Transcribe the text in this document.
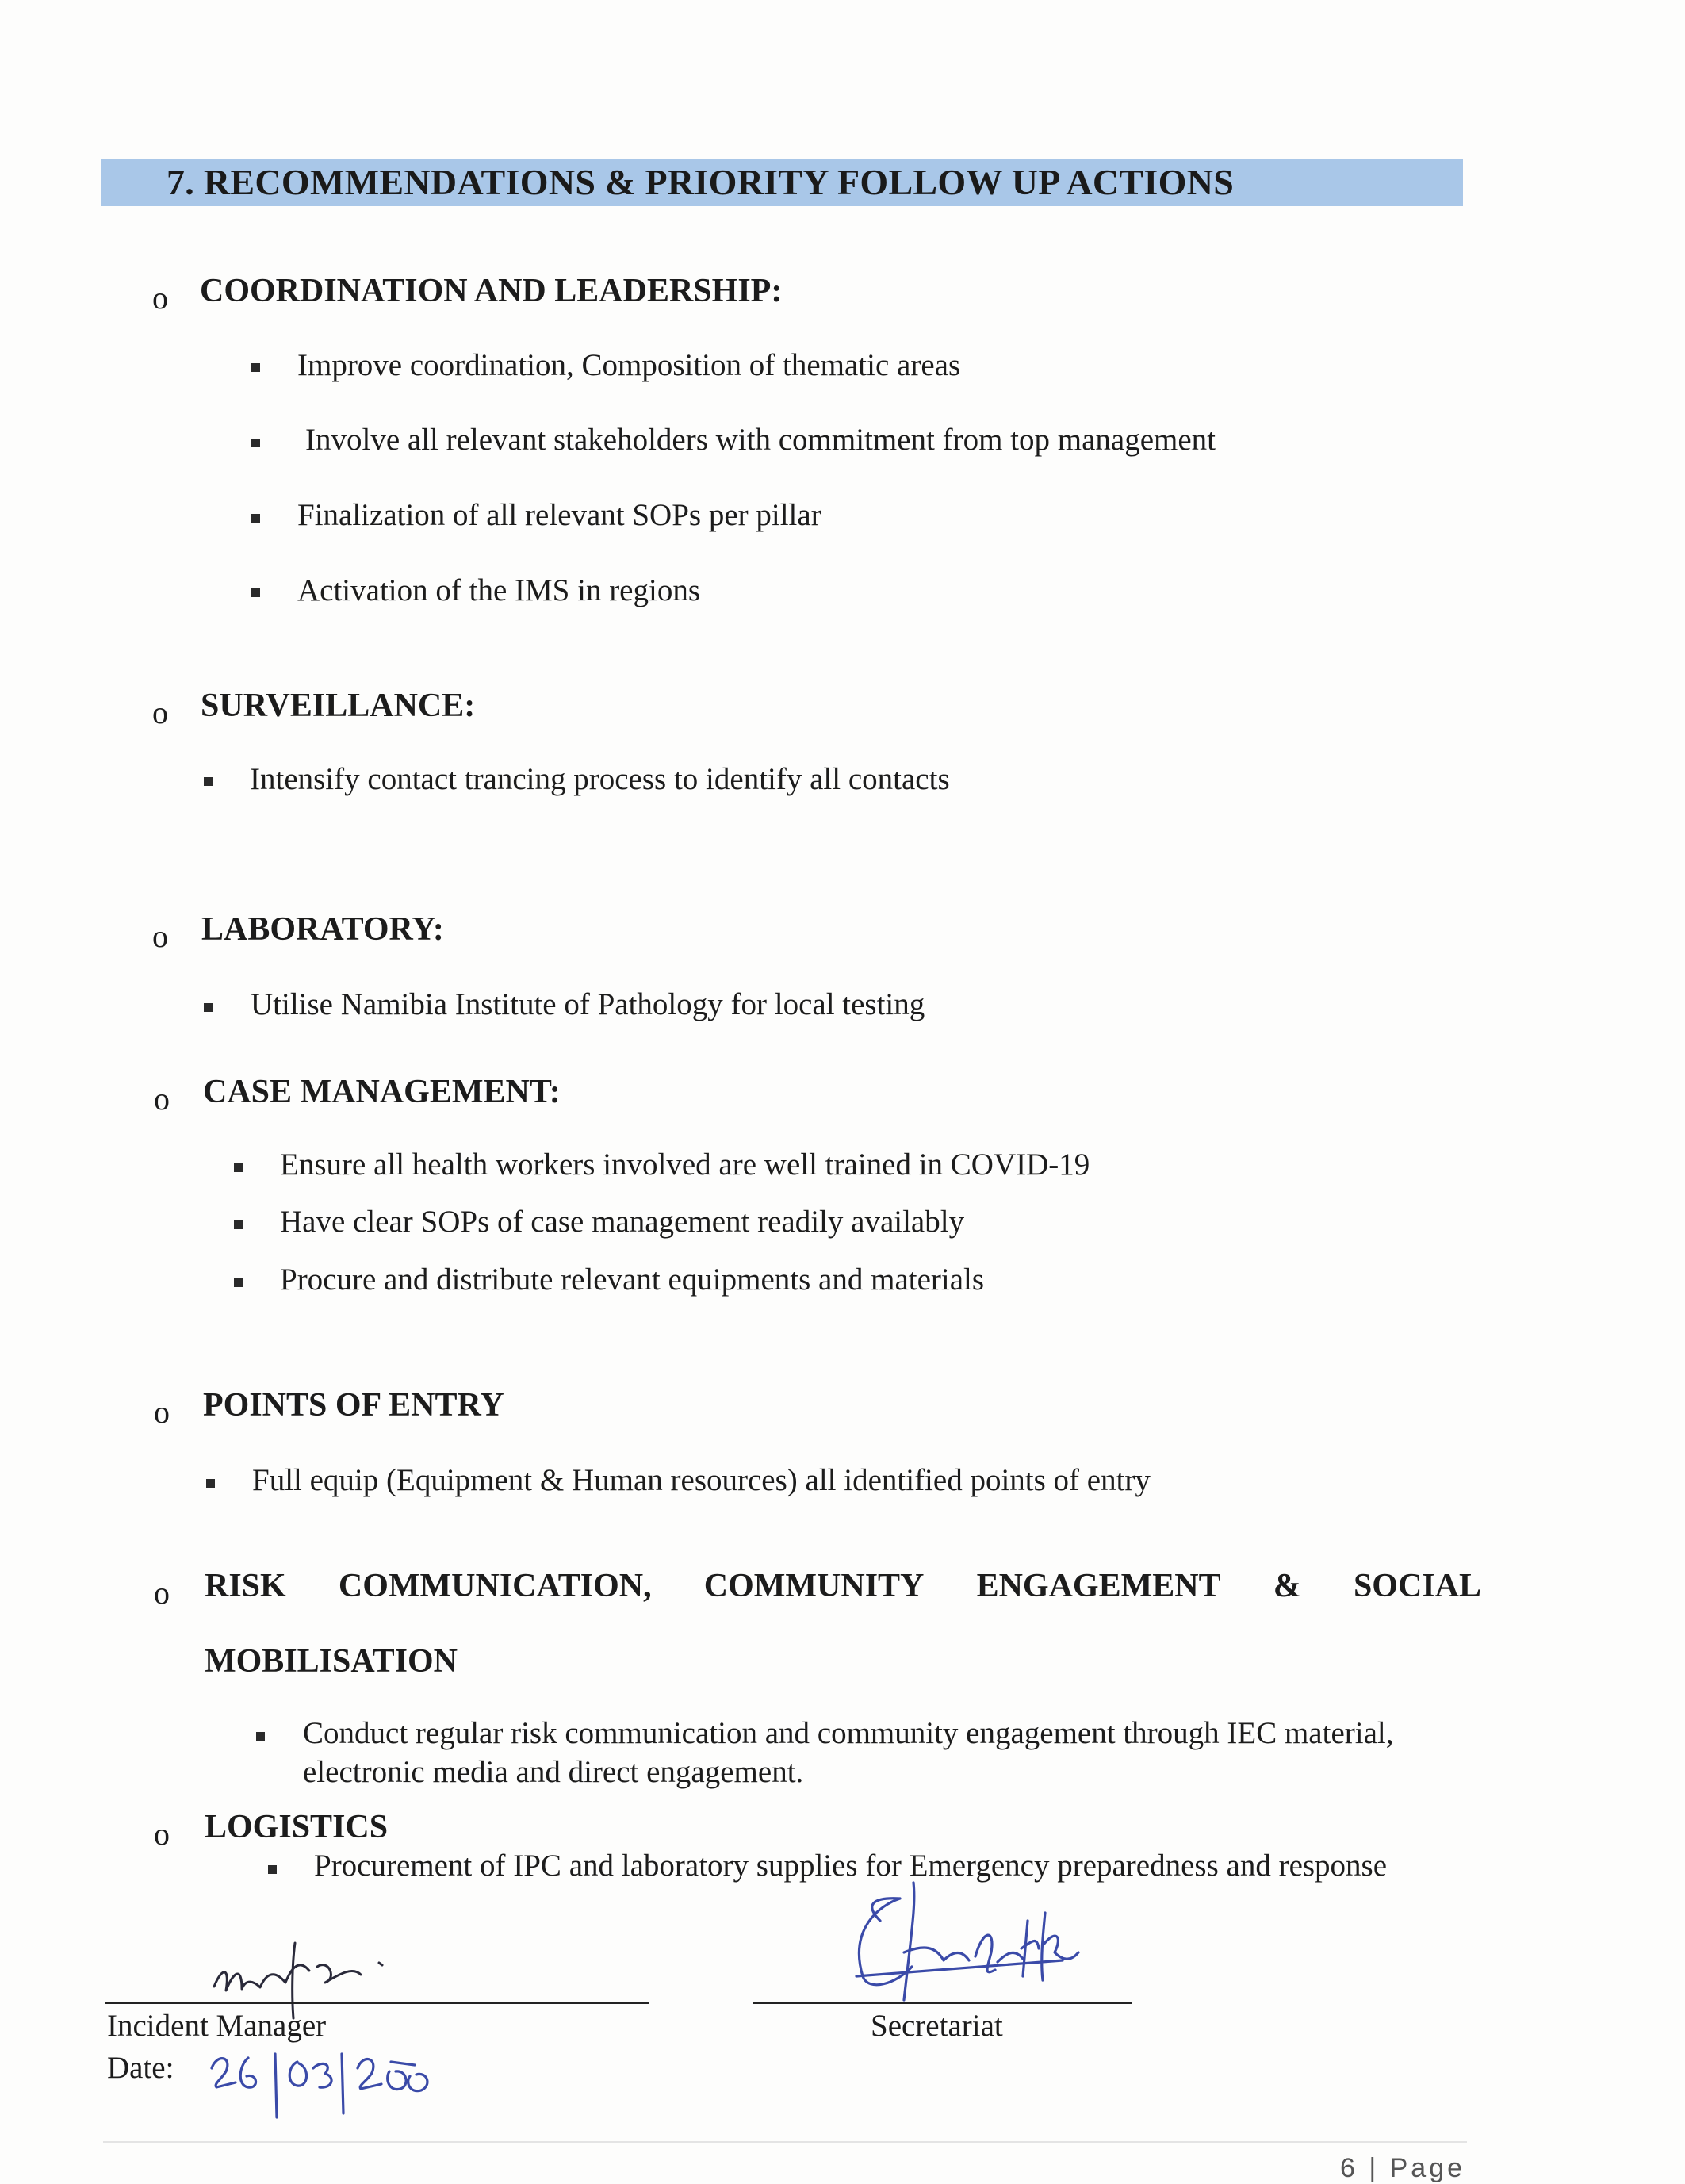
7. RECOMMENDATIONS & PRIORITY FOLLOW UP ACTIONS
o COORDINATION AND LEADERSHIP:
Improve coordination, Composition of thematic areas
Involve all relevant stakeholders with commitment from top management
Finalization of all relevant SOPs per pillar
Activation of the IMS in regions
o SURVEILLANCE:
Intensify contact trancing process to identify all contacts
o LABORATORY:
Utilise Namibia Institute of Pathology for local testing
o CASE MANAGEMENT:
Ensure all health workers involved are well trained in COVID-19
Have clear SOPs of case management readily availably
Procure and distribute relevant equipments and materials
o POINTS OF ENTRY
Full equip (Equipment & Human resources) all identified points of entry
o RISK COMMUNICATION, COMMUNITY ENGAGEMENT & SOCIAL
MOBILISATION
Conduct regular risk communication and community engagement through IEC material,
electronic media and direct engagement.
o LOGISTICS
Procurement of IPC and laboratory supplies for Emergency preparedness and response
Incident Manager
Date:
Secretariat
6 | Page
